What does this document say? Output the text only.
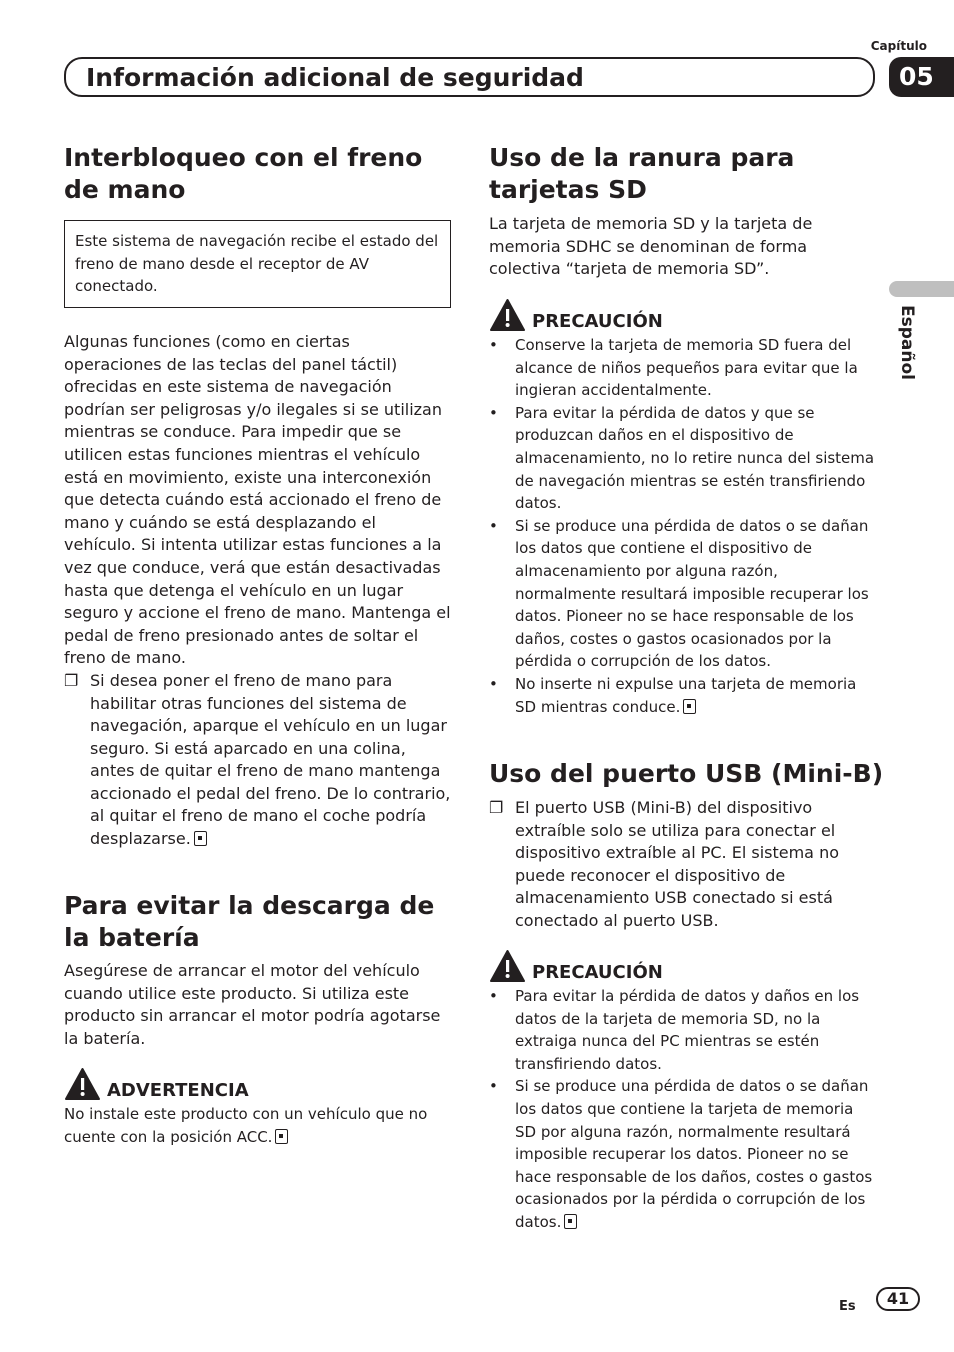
Capítulo
Información adicional de seguridad	05
Español
Interbloqueo con el freno
de mano
Este sistema de navegación recibe el estado del freno de mano desde el receptor de AV conectado.
Algunas funciones (como en ciertas operaciones de las teclas del panel táctil) ofrecidas en este sistema de navegación podrían ser peligrosas y/o ilegales si se utilizan mientras se conduce. Para impedir que se utilicen estas funciones mientras el vehículo está en movimiento, existe una interconexión que detecta cuándo está accionado el freno de mano y cuándo se está desplazando el vehículo. Si intenta utilizar estas funciones a la vez que conduce, verá que están desactivadas hasta que detenga el vehículo en un lugar seguro y accione el freno de mano. Mantenga el pedal de freno presionado antes de soltar el freno de mano.
❐ Si desea poner el freno de mano para habilitar otras funciones del sistema de navegación, aparque el vehículo en un lugar seguro. Si está aparcado en una colina, antes de quitar el freno de mano mantenga accionado el pedal del freno. De lo contrario, al quitar el freno de mano el coche podría desplazarse.
Para evitar la descarga de
la batería
Asegúrese de arrancar el motor del vehículo cuando utilice este producto. Si utiliza este producto sin arrancar el motor podría agotarse la batería.
ADVERTENCIA
No instale este producto con un vehículo que no cuente con la posición ACC.
Uso de la ranura para
tarjetas SD
La tarjeta de memoria SD y la tarjeta de memoria SDHC se denominan de forma colectiva “tarjeta de memoria SD”.
PRECAUCIÓN
• Conserve la tarjeta de memoria SD fuera del alcance de niños pequeños para evitar que la ingieran accidentalmente.
• Para evitar la pérdida de datos y que se produzcan daños en el dispositivo de almacenamiento, no lo retire nunca del sistema de navegación mientras se estén transfiriendo datos.
• Si se produce una pérdida de datos o se dañan los datos que contiene el dispositivo de almacenamiento por alguna razón, normalmente resultará imposible recuperar los datos. Pioneer no se hace responsable de los daños, costes o gastos ocasionados por la pérdida o corrupción de los datos.
• No inserte ni expulse una tarjeta de memoria SD mientras conduce.
Uso del puerto USB (Mini-B)
❐ El puerto USB (Mini-B) del dispositivo extraíble solo se utiliza para conectar el dispositivo extraíble al PC. El sistema no puede reconocer el dispositivo de almacenamiento USB conectado si está conectado al puerto USB.
PRECAUCIÓN
• Para evitar la pérdida de datos y daños en los datos de la tarjeta de memoria SD, no la extraiga nunca del PC mientras se estén transfiriendo datos.
• Si se produce una pérdida de datos o se dañan los datos que contiene la tarjeta de memoria SD por alguna razón, normalmente resultará imposible recuperar los datos. Pioneer no se hace responsable de los daños, costes o gastos ocasionados por la pérdida o corrupción de los datos.
Es	41
